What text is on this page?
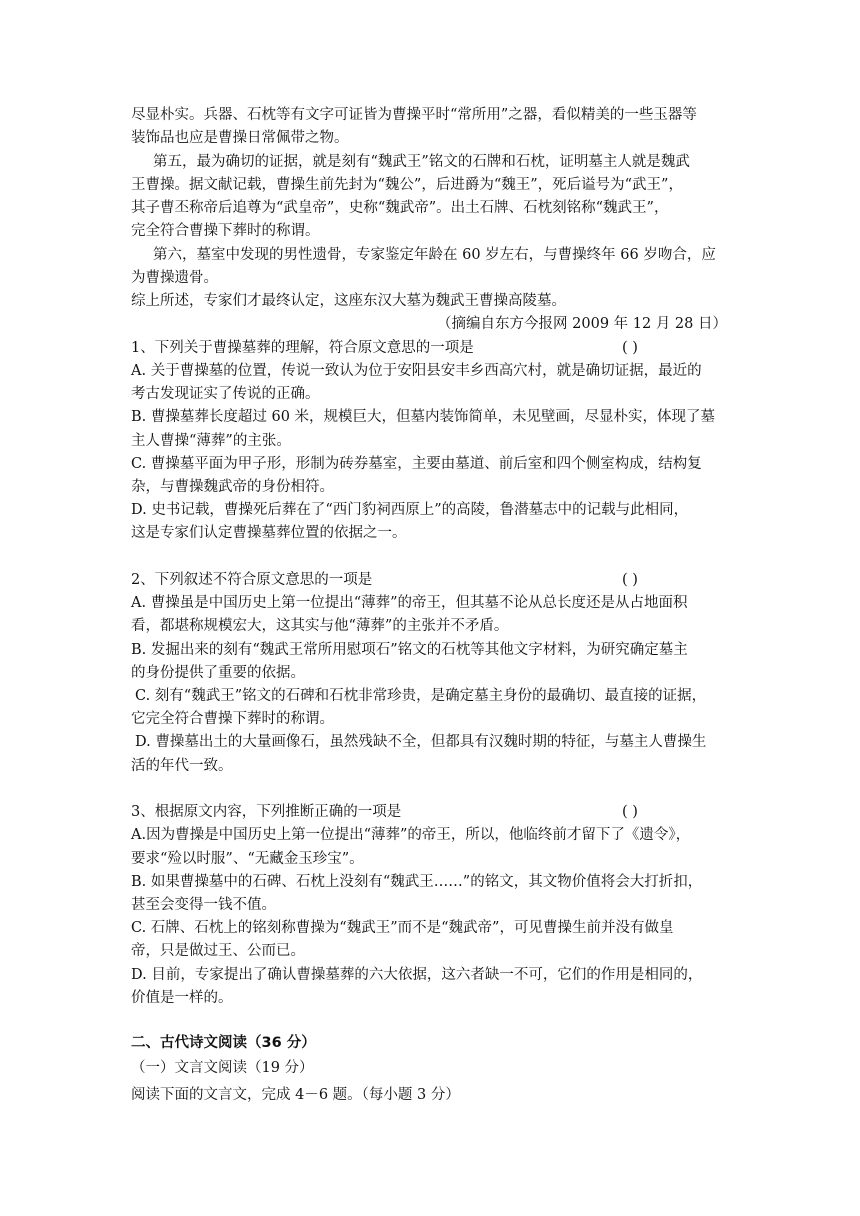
尽显朴实。兵器、石枕等有文字可证皆为曹操平时“常所用”之器，看似精美的一些玉器等
装饰品也应是曹操日常佩带之物。
第五，最为确切的证据，就是刻有“魏武王”铭文的石牌和石枕，证明墓主人就是魏武
王曹操。据文献记载，曹操生前先封为“魏公”，后进爵为“魏王”，死后谥号为“武王”，
其子曹丕称帝后追尊为“武皇帝”，史称“魏武帝”。出土石牌、石枕刻铭称“魏武王”，
完全符合曹操下葬时的称谓。
第六，墓室中发现的男性遗骨，专家鉴定年龄在 60 岁左右，与曹操终年 66 岁吻合，应
为曹操遗骨。
综上所述，专家们才最终认定，这座东汉大墓为魏武王曹操高陵墓。
（摘编自东方今报网 2009 年 12 月 28 日）
1、下列关于曹操墓葬的理解，符合原文意思的一项是	( )
A. 关于曹操墓的位置，传说一致认为位于安阳县安丰乡西高穴村，就是确切证据，最近的
考古发现证实了传说的正确。
B. 曹操墓葬长度超过 60 米，规模巨大，但墓内装饰简单，未见壁画，尽显朴实，体现了墓
主人曹操“薄葬”的主张。
C. 曹操墓平面为甲子形，形制为砖券墓室，主要由墓道、前后室和四个侧室构成，结构复
杂，与曹操魏武帝的身份相符。
D. 史书记载，曹操死后葬在了“西门豹祠西原上”的高陵，鲁潜墓志中的记载与此相同，
这是专家们认定曹操墓葬位置的依据之一。
2、下列叙述不符合原文意思的一项是	( )
A. 曹操虽是中国历史上第一位提出“薄葬”的帝王，但其墓不论从总长度还是从占地面积
看，都堪称规模宏大，这其实与他“薄葬”的主张并不矛盾。
B. 发掘出来的刻有“魏武王常所用慰项石”铭文的石枕等其他文字材料，为研究确定墓主
的身份提供了重要的依据。
C. 刻有“魏武王”铭文的石碑和石枕非常珍贵，是确定墓主身份的最确切、最直接的证据，
它完全符合曹操下葬时的称谓。
D. 曹操墓出土的大量画像石，虽然残缺不全，但都具有汉魏时期的特征，与墓主人曹操生
活的年代一致。
3、根据原文内容，下列推断正确的一项是	( )
A.因为曹操是中国历史上第一位提出“薄葬”的帝王，所以，他临终前才留下了《遗令》，
要求“殓以时服”、“无藏金玉珍宝”。
B. 如果曹操墓中的石碑、石枕上没刻有“魏武王……”的铭文，其文物价值将会大打折扣，
甚至会变得一钱不值。
C. 石牌、石枕上的铭刻称曹操为“魏武王”而不是“魏武帝”，可见曹操生前并没有做皇
帝，只是做过王、公而已。
D. 目前，专家提出了确认曹操墓葬的六大依据，这六者缺一不可，它们的作用是相同的，
价值是一样的。
二、古代诗文阅读（36 分）
（一）文言文阅读（19 分）
阅读下面的文言文，完成 4－6 题。（每小题 3 分）
